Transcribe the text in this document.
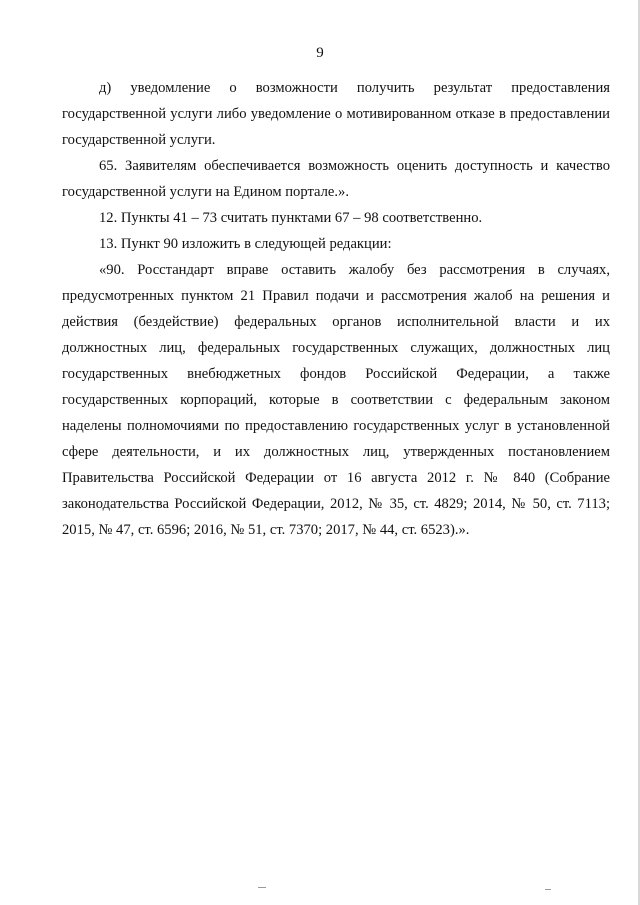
9

д) уведомление о возможности получить результат предоставления государственной услуги либо уведомление о мотивированном отказе в предоставлении государственной услуги.

65. Заявителям обеспечивается возможность оценить доступность и качество государственной услуги на Едином портале.».

12. Пункты 41 – 73 считать пунктами 67 – 98 соответственно.

13. Пункт 90 изложить в следующей редакции:

«90. Росстандарт вправе оставить жалобу без рассмотрения в случаях, предусмотренных пунктом 21 Правил подачи и рассмотрения жалоб на решения и действия (бездействие) федеральных органов исполнительной власти и их должностных лиц, федеральных государственных служащих, должностных лиц государственных внебюджетных фондов Российской Федерации, а также государственных корпораций, которые в соответствии с федеральным законом наделены полномочиями по предоставлению государственных услуг в установленной сфере деятельности, и их должностных лиц, утвержденных постановлением Правительства Российской Федерации от 16 августа 2012 г. № 840 (Собрание законодательства Российской Федерации, 2012, № 35, ст. 4829; 2014, № 50, ст. 7113; 2015, № 47, ст. 6596; 2016, № 51, ст. 7370; 2017, № 44, ст. 6523).».
